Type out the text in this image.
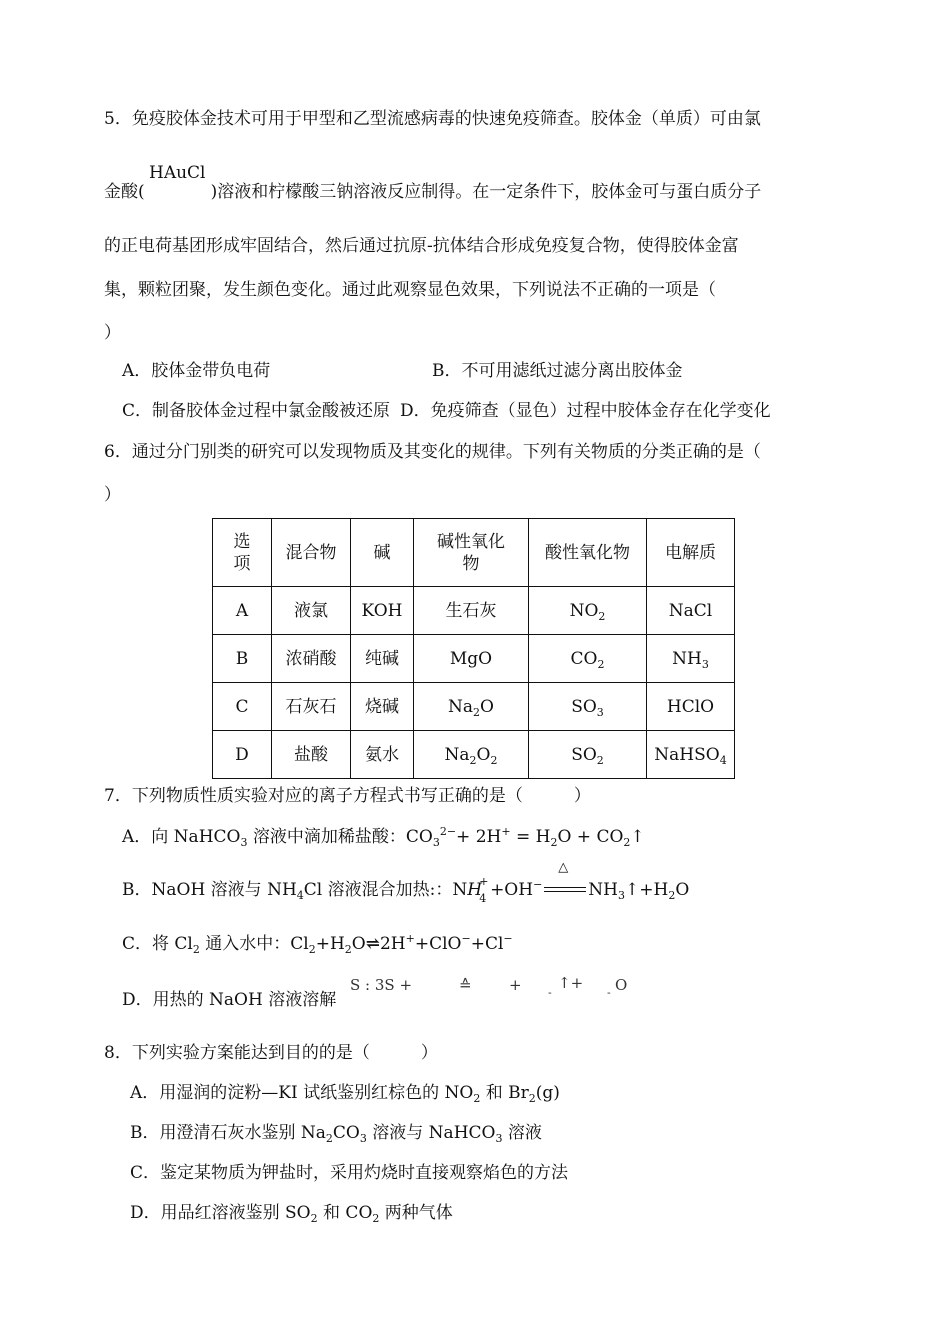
5．免疫胶体金技术可用于甲型和乙型流感病毒的快速免疫筛查。胶体金（单质）可由氯
HAuCl
金酸(	)溶液和柠檬酸三钠溶液反应制得。在一定条件下，胶体金可与蛋白质分子
的正电荷基团形成牢固结合，然后通过抗原-抗体结合形成免疫复合物，使得胶体金富
集，颗粒团聚，发生颜色变化。通过此观察显色效果，下列说法不正确的一项是（
）
A．胶体金带负电荷	B．不可用滤纸过滤分离出胶体金
C．制备胶体金过程中氯金酸被还原 D．免疫筛查（显色）过程中胶体金存在化学变化
6．通过分门别类的研究可以发现物质及其变化的规律。下列有关物质的分类正确的是（
）
选项	混合物	碱	碱性氧化物	酸性氧化物	电解质
A	液氯	KOH	生石灰	$NO_2$	NaCl
B	浓硝酸	纯碱	MgO	$CO_2$	$NH_3$
C	石灰石	烧碱	$Na_2O$	$SO_3$	HClO
D	盐酸	氨水	$Na_2O_2$	$SO_2$	NaHSO$_4$
7．下列物质性质实验对应的离子方程式书写正确的是（　　　）
A．向 NaHCO$_3$ 溶液中滴加稀盐酸：$CO_3^{2-}+ 2H^+ = H_2O$ + $CO_2↑$
B．NaOH 溶液与 $NH_4Cl$ 溶液混合加热:：NH
+
4 +OH−
△
$NH_3↑+H_2O$
C．将 $Cl_2$ 通入水中：$Cl_2+H_2O\rightleftharpoons 2H^++ClO^-+Cl^-$
D．用热的 NaOH 溶液溶解
S : 3S +	≙ + -
↑+
- O
8．下列实验方案能达到目的的是（　　　）
A．用湿润的淀粉—KI 试纸鉴别红棕色的 $NO_2$ 和 $Br_2(g)$
B．用澄清石灰水鉴别 $Na_2CO_3$ 溶液与 NaHCO$_3$ 溶液
C．鉴定某物质为钾盐时，采用灼烧时直接观察焰色的方法
D．用品红溶液鉴别 $SO_2$ 和 $CO_2$ 两种气体
